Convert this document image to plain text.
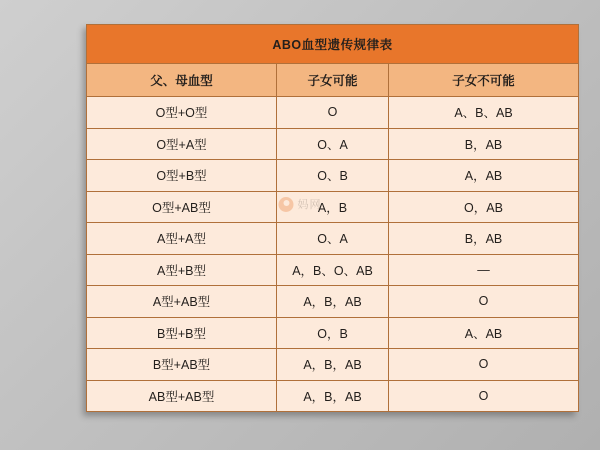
ABO血型遗传规律表		
父、母血型	子女可能	子女不可能
O型+O型	O	A、B、AB
O型+A型	O、A	B，AB
O型+B型	O、B	A，AB
O型+AB型	A，B	O，AB
A型+A型	O、A	B，AB
A型+B型	A，B、O、AB	—
A型+AB型	A，B，AB	O
B型+B型	O，B	A、AB
B型+AB型	A，B，AB	O
AB型+AB型	A，B，AB	O
妈网
